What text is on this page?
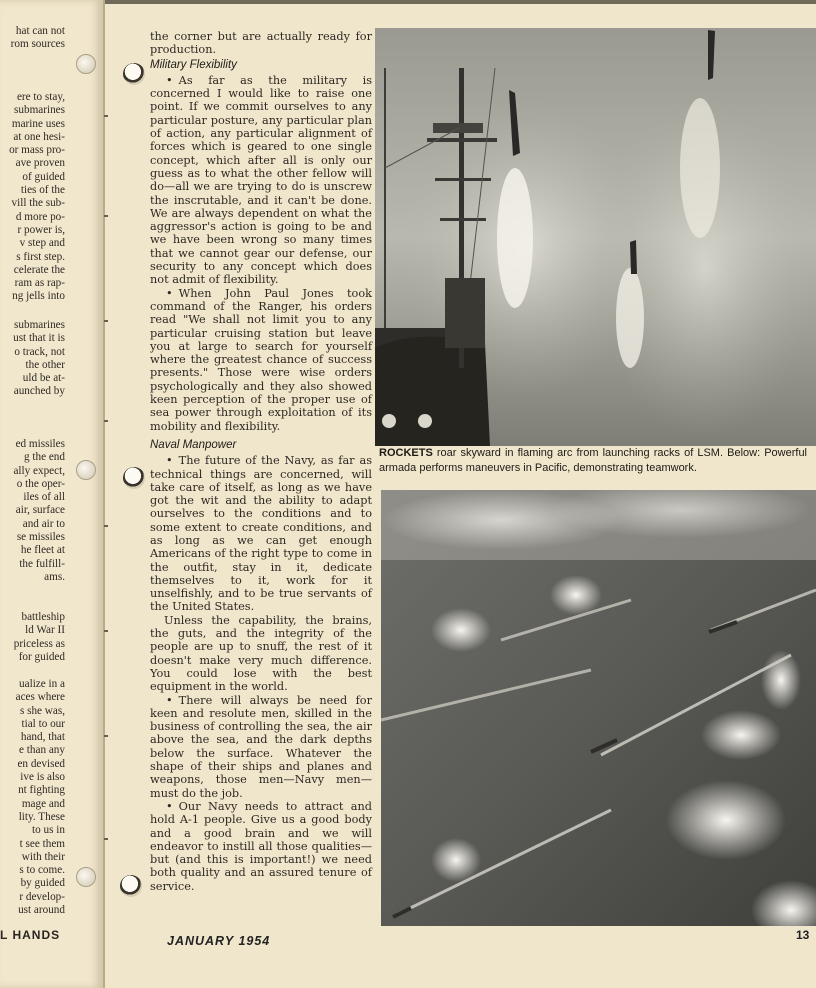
hat can not
rom sources
ere to stay,
submarines
marine uses
at one hesi-
or mass pro-
ave proven
of guided
ties of the
vill the sub-
d more po-
r power is,
v step and
s first step.
celerate the
ram as rap-
ng jells into
submarines
ust that it is
o track, not
the other
uld be at-
aunched by
ed missiles
g the end
ally expect,
o the oper-
iles of all
air, surface
and air to
se missiles
he fleet at
the fulfill-
ams.
battleship
ld War II
priceless as
for guided
ualize in a
aces where
s she was,
tial to our
hand, that
e than any
en devised
ive is also
nt fighting
mage and
lity. These
to us in
t see them
with their
s to come.
by guided
r develop-
ust around
L HANDS

the corner but are actually ready for production.

Military Flexibility

• As far as the military is concerned I would like to raise one point. If we commit ourselves to any particular posture, any particular plan of action, any particular alignment of forces which is geared to one single concept, which after all is only our guess as to what the other fellow will do—all we are trying to do is unscrew the inscrutable, and it can't be done. We are always dependent on what the aggressor's action is going to be and we have been wrong so many times that we cannot gear our defense, our security to any concept which does not admit of flexibility.

• When John Paul Jones took command of the Ranger, his orders read "We shall not limit you to any particular cruising station but leave you at large to search for yourself where the greatest chance of success presents." Those were wise orders psychologically and they also showed keen perception of the proper use of sea power through exploitation of its mobility and flexibility.

Naval Manpower

• The future of the Navy, as far as technical things are concerned, will take care of itself, as long as we have got the wit and the ability to adapt ourselves to the conditions and to some extent to create conditions, and as long as we can get enough Americans of the right type to come in the outfit, stay in it, dedicate themselves to it, work for it unselfishly, and to be true servants of the United States.

Unless the capability, the brains, the guts, and the integrity of the people are up to snuff, the rest of it doesn't make very much difference. You could lose with the best equipment in the world.

• There will always be need for keen and resolute men, skilled in the business of controlling the sea, the air above the sea, and the dark depths below the surface. Whatever the shape of their ships and planes and weapons, those men—Navy men—must do the job.

• Our Navy needs to attract and hold A-1 people. Give us a good body and a good brain and we will endeavor to instill all those qualities—but (and this is important!) we need both quality and an assured tenure of service.

ROCKETS roar skyward in flaming arc from launching racks of LSM. Below: Powerful armada performs maneuvers in Pacific, demonstrating teamwork.
JANUARY 1954	13
